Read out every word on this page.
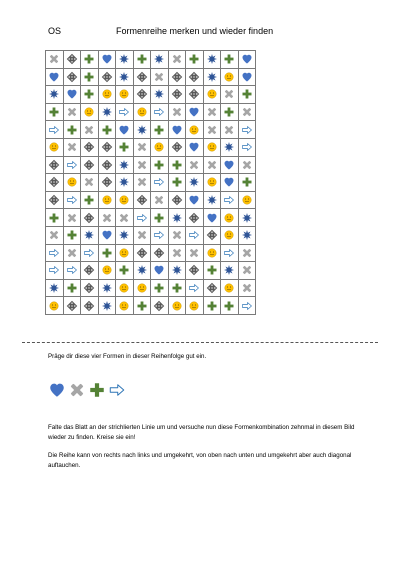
OS	Formenreihe merken und wieder finden

Präge dir diese vier Formen in dieser Reihenfolge gut ein.
Falte das Blatt an der strichlierten Linie um und versuche nun diese Formenkombination zehnmal in diesem Bild wieder zu finden. Kreise sie ein!
Die Reihe kann von rechts nach links und umgekehrt, von oben nach unten und umgekehrt aber auch diagonal auftauchen.
